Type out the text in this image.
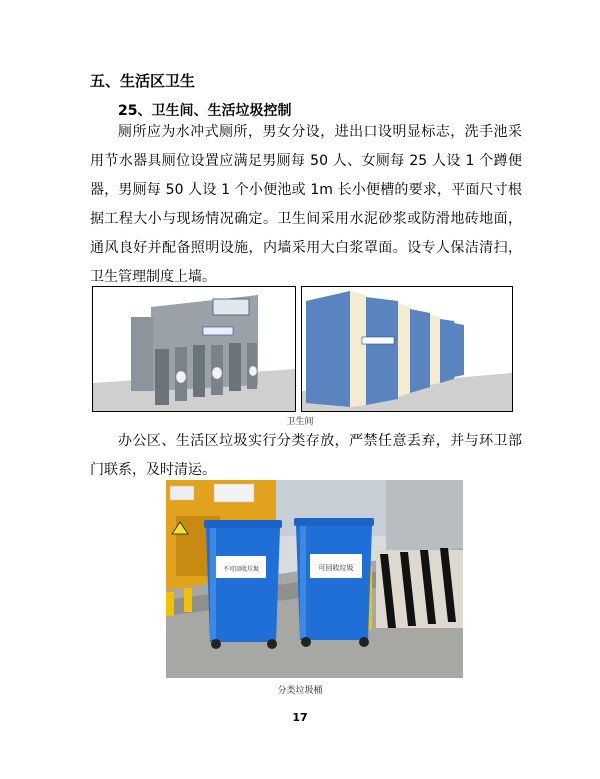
五、生活区卫生
25、卫生间、生活垃圾控制
厕所应为水冲式厕所，男女分设，进出口设明显标志，洗手池采用节水器具厕位设置应满足男厕每 50 人、女厕每 25 人设 1 个蹲便器，男厕每 50 人设 1 个小便池或 1m 长小便槽的要求，平面尺寸根据工程大小与现场情况确定。卫生间采用水泥砂浆或防滑地砖地面，通风良好并配备照明设施，内墙采用大白浆罩面。设专人保洁清扫，卫生管理制度上墙。
卫生间
办公区、生活区垃圾实行分类存放，严禁任意丢弃，并与环卫部门联系，及时清运。
不可回收垃圾	可回收垃圾
分类垃圾桶
17
